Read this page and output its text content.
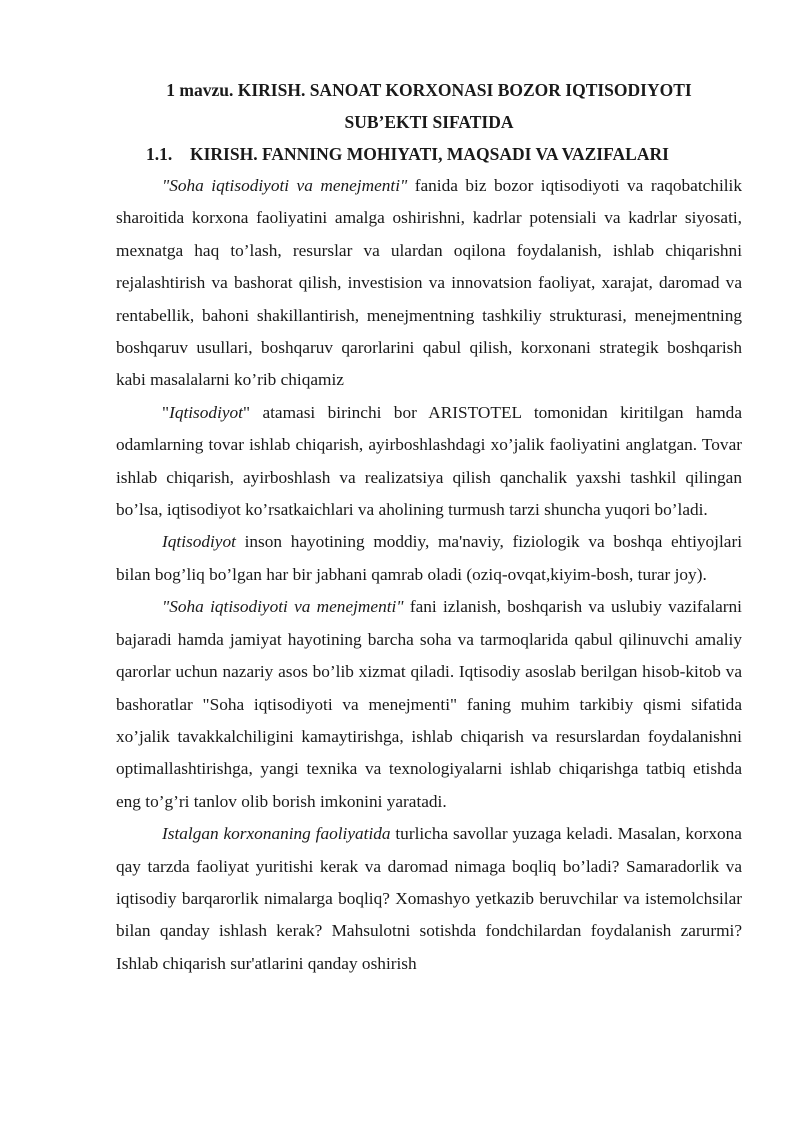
1 mavzu. KIRISH. SANOAT KORXONASI BOZOR IQTISODIYOTI
SUB’EKTI SIFATIDA
1.1. KIRISH. FANNING MOHIYATI, MAQSADI VA VAZIFALARI

"Soha iqtisodiyoti va menejmenti" fanida biz bozor iqtisodiyoti va raqobatchilik sharoitida korxona faoliyatini amalga oshirishni, kadrlar potensiali va kadrlar siyosati, mexnatga haq to’lash, resurslar va ulardan oqilona foydalanish, ishlab chiqarishni rejalashtirish va bashorat qilish, investision va innovatsion faoliyat, xarajat, daromad va rentabellik, bahoni shakillantirish, menejmentning tashkiliy strukturasi, menejmentning boshqaruv usullari, boshqaruv qarorlarini qabul qilish, korxonani strategik boshqarish kabi masalalarni ko’rib chiqamiz

"Iqtisodiyot" atamasi birinchi bor ARISTOTEL tomonidan kiritilgan hamda odamlarning tovar ishlab chiqarish, ayirboshlashdagi xo’jalik faoliyatini anglatgan. Tovar ishlab chiqarish, ayirboshlash va realizatsiya qilish qanchalik yaxshi tashkil qilingan bo’lsa, iqtisodiyot ko’rsatkaichlari va aholining turmush tarzi shuncha yuqori bo’ladi.

Iqtisodiyot inson hayotining moddiy, ma'naviy, fiziologik va boshqa ehtiyojlari bilan bog’liq bo’lgan har bir jabhani qamrab oladi (oziq-ovqat,kiyim-bosh, turar joy).

"Soha iqtisodiyoti va menejmenti" fani izlanish, boshqarish va uslubiy vazifalarni bajaradi hamda jamiyat hayotining barcha soha va tarmoqlarida qabul qilinuvchi amaliy qarorlar uchun nazariy asos bo’lib xizmat qiladi. Iqtisodiy asoslab berilgan hisob-kitob va bashoratlar "Soha iqtisodiyoti va menejmenti" faning muhim tarkibiy qismi sifatida xo’jalik tavakkalchiligini kamaytirishga, ishlab chiqarish va resurslardan foydalanishni optimallashtirishga, yangi texnika va texnologiyalarni ishlab chiqarishga tatbiq etishda eng to’g’ri tanlov olib borish imkonini yaratadi.

Istalgan korxonaning faoliyatida turlicha savollar yuzaga keladi. Masalan, korxona qay tarzda faoliyat yuritishi kerak va daromad nimaga boqliq bo’ladi? Samaradorlik va iqtisodiy barqarorlik nimalarga boqliq? Xomashyo yetkazib beruvchilar va istemolchsilar bilan qanday ishlash kerak? Mahsulotni sotishda fondchilardan foydalanish zarurmi? Ishlab chiqarish sur'atlarini qanday oshirish
